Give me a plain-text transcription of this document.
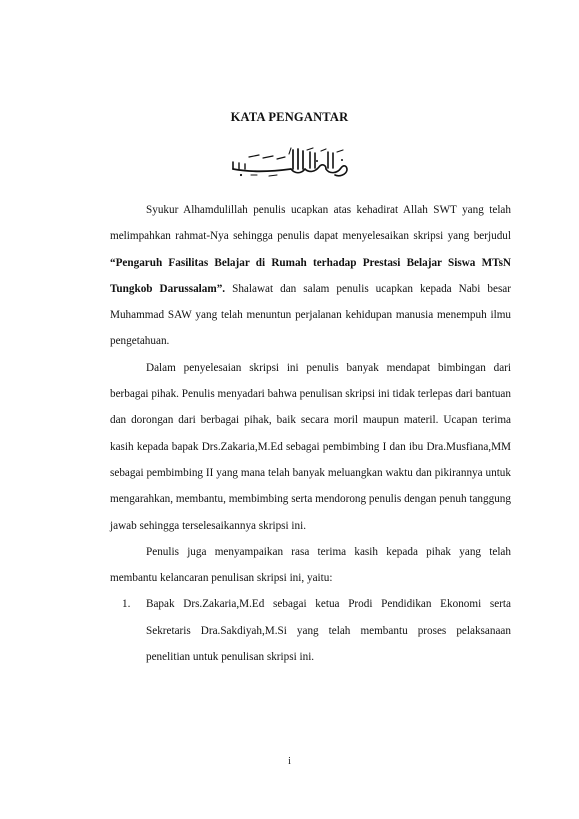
KATA PENGANTAR

Syukur Alhamdulillah penulis ucapkan atas kehadirat Allah SWT yang telah melimpahkan rahmat-Nya sehingga penulis dapat menyelesaikan skripsi yang berjudul “Pengaruh Fasilitas Belajar di Rumah terhadap Prestasi Belajar Siswa MTsN Tungkob Darussalam”. Shalawat dan salam penulis ucapkan kepada Nabi besar Muhammad SAW yang telah menuntun perjalanan kehidupan manusia menempuh ilmu pengetahuan.

Dalam penyelesaian skripsi ini penulis banyak mendapat bimbingan dari berbagai pihak. Penulis menyadari bahwa penulisan skripsi ini tidak terlepas dari bantuan dan dorongan dari berbagai pihak, baik secara moril maupun materil. Ucapan terima kasih kepada bapak Drs.Zakaria,M.Ed sebagai pembimbing I dan ibu Dra.Musfiana,MM sebagai pembimbing II yang mana telah banyak meluangkan waktu dan pikirannya untuk mengarahkan, membantu, membimbing serta mendorong penulis dengan penuh tanggung jawab sehingga terselesaikannya skripsi ini.

Penulis juga menyampaikan rasa terima kasih kepada pihak yang telah membantu kelancaran penulisan skripsi ini, yaitu:

1. Bapak Drs.Zakaria,M.Ed sebagai ketua Prodi Pendidikan Ekonomi serta Sekretaris Dra.Sakdiyah,M.Si yang telah membantu proses pelaksanaan penelitian untuk penulisan skripsi ini.
i
